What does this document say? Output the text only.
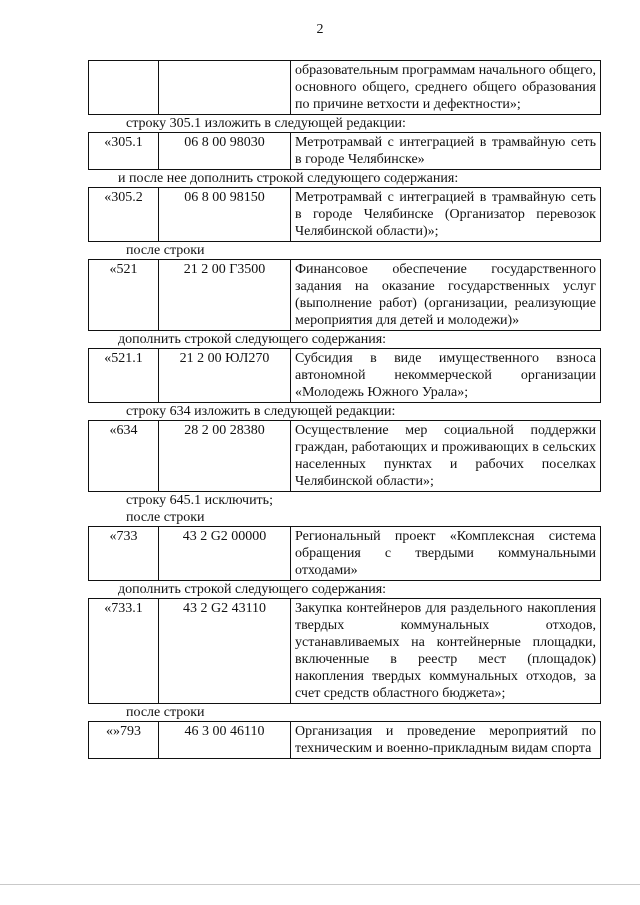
2
		образовательным программам начального общего, основного общего, среднего общего образования по причине ветхости и дефектности»;

строку 305.1 изложить в следующей редакции:

«305.1	06 8 00 98030	Метротрамвай с интеграцией в трамвайную сеть в городе Челябинске»

и после нее дополнить строкой следующего содержания:

«305.2	06 8 00 98150	Метротрамвай с интеграцией в трамвайную сеть в городе Челябинске (Организатор перевозок Челябинской области)»;

после строки

«521	21 2 00 Г3500	Финансовое обеспечение государственного задания на оказание государственных услуг (выполнение работ) (организации, реализующие мероприятия для детей и молодежи)»

дополнить строкой следующего содержания:

«521.1	21 2 00 ЮЛ270	Субсидия в виде имущественного взноса автономной некоммерческой организации «Молодежь Южного Урала»;

строку 634 изложить в следующей редакции:

«634	28 2 00 28380	Осуществление мер социальной поддержки граждан, работающих и проживающих в сельских населенных пунктах и рабочих поселках Челябинской области»;

строку 645.1 исключить;

после строки

«733	43 2 G2 00000	Региональный проект «Комплексная система обращения с твердыми коммунальными отходами»

дополнить строкой следующего содержания:

«733.1	43 2 G2 43110	Закупка контейнеров для раздельного накопления твердых коммунальных отходов, устанавливаемых на контейнерные площадки, включенные в реестр мест (площадок) накопления твердых коммунальных отходов, за счет средств областного бюджета»;

после строки

«»793	46 3 00 46110	Организация и проведение мероприятий по техническим и военно-прикладным видам спорта
